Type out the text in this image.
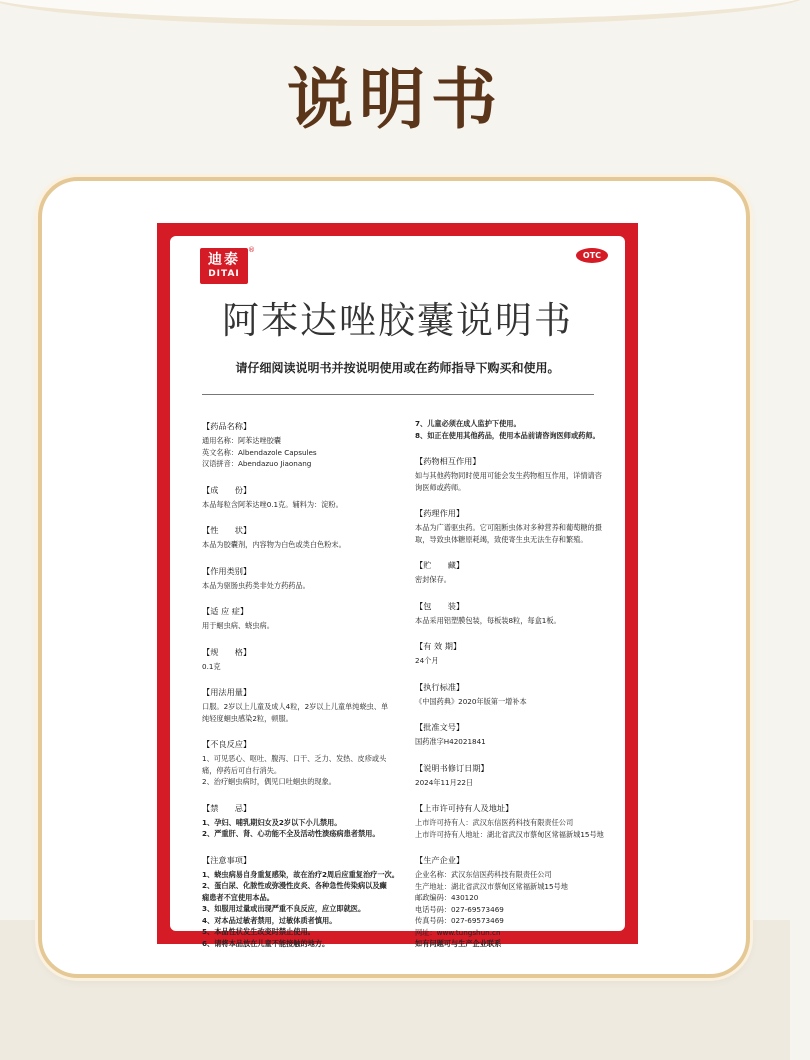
说明书
迪泰
DITAI
®
OTC
阿苯达唑胶囊说明书
请仔细阅读说明书并按说明使用或在药师指导下购买和使用。
【药品名称】
通用名称：阿苯达唑胶囊
英文名称：Albendazole Capsules
汉语拼音：Abendazuo Jiaonang
【成　　份】
本品每粒含阿苯达唑0.1克。辅料为：淀粉。
【性　　状】
本品为胶囊剂，内容物为白色或类白色粉末。
【作用类别】
本品为驱肠虫药类非处方药药品。
【适 应 症】
用于蛔虫病、蛲虫病。
【规　　格】
0.1克
【用法用量】
口服。2岁以上儿童及成人4粒，2岁以上儿童单纯蛲虫、单
纯轻度蛔虫感染2粒，顿服。
【不良反应】
1、可见恶心、呕吐、腹泻、口干、乏力、发热、皮疹或头
痛，停药后可自行消失。
2、治疗蛔虫病时，偶见口吐蛔虫的现象。
【禁　　忌】
1、孕妇、哺乳期妇女及2岁以下小儿禁用。
2、严重肝、肾、心功能不全及活动性溃疡病患者禁用。
【注意事项】
1、蛲虫病易自身重复感染，故在治疗2周后应重复治疗一次。
2、蛋白尿、化脓性或弥漫性皮炎、各种急性传染病以及癫
痫患者不宜使用本品。
3、如服用过量或出现严重不良反应，应立即就医。
4、对本品过敏者禁用，过敏体质者慎用。
5、本品性状发生改变时禁止使用。
6、请将本品放在儿童不能接触的地方。
7、儿童必须在成人监护下使用。
8、如正在使用其他药品，使用本品前请咨询医师或药师。
【药物相互作用】
如与其他药物同时使用可能会发生药物相互作用，详情请咨
询医师或药师。
【药理作用】
本品为广谱驱虫药。它可阻断虫体对多种营养和葡萄糖的摄
取，导致虫体糖原耗竭，致使寄生虫无法生存和繁殖。
【贮　　藏】
密封保存。
【包　　装】
本品采用铝塑膜包装，每板装8粒，每盒1板。
【有 效 期】
24个月
【执行标准】
《中国药典》2020年版第一增补本
【批准文号】
国药准字H42021841
【说明书修订日期】
2024年11月22日
【上市许可持有人及地址】
上市许可持有人：武汉东信医药科技有限责任公司
上市许可持有人地址：湖北省武汉市蔡甸区常福新城15号地
【生产企业】
企业名称：武汉东信医药科技有限责任公司
生产地址：湖北省武汉市蔡甸区常福新城15号地
邮政编码：430120
电话号码：027-69573469
传真号码：027-69573469
网址：www.tungshun.cn
如有问题可与生产企业联系
